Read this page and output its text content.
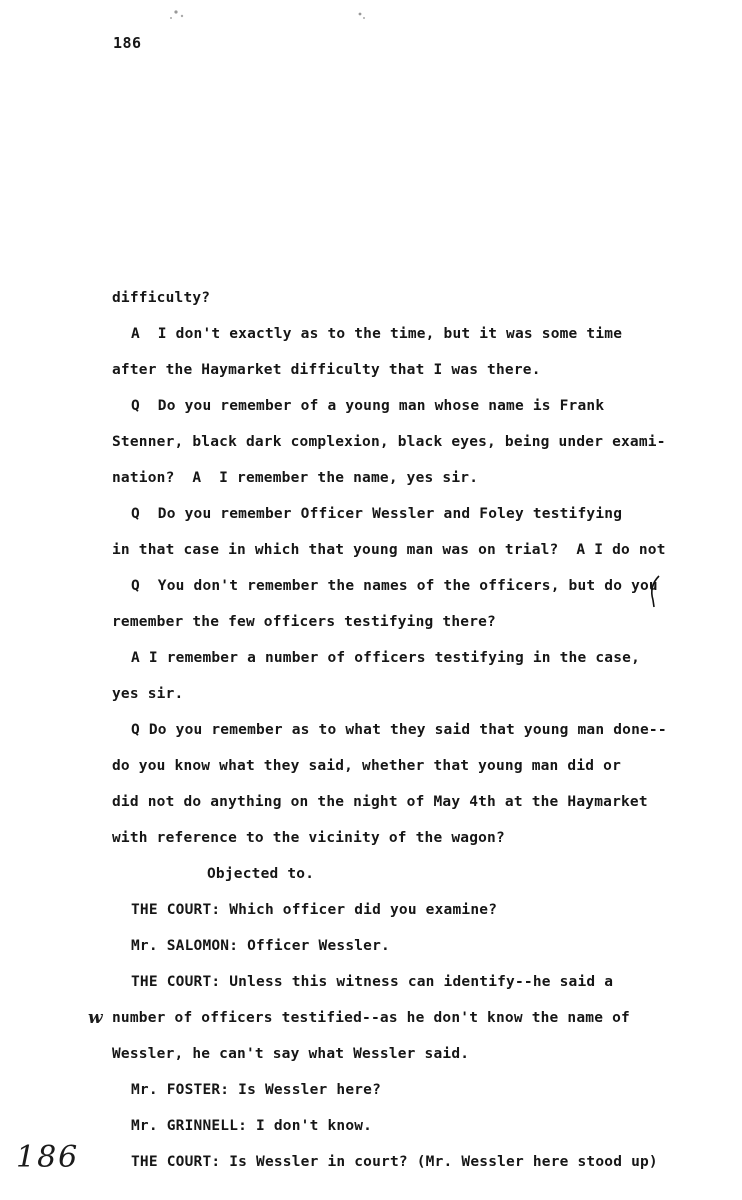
186
difficulty?
A  I don't exactly as to the time, but it was some time
after the Haymarket difficulty that I was there.
Q  Do you remember of a young man whose name is Frank
Stenner, black dark complexion, black eyes, being under exami-
nation?  A  I remember the name, yes sir.
Q  Do you remember Officer Wessler and Foley testifying
in that case in which that young man was on trial?  A I do not
Q  You don't remember the names of the officers, but do you
remember the few officers testifying there?
A I remember a number of officers testifying in the case,
yes sir.
Q Do you remember as to what they said that young man done--
do you know what they said, whether that young man did or
did not do anything on the night of May 4th at the Haymarket
with reference to the vicinity of the wagon?
Objected to.
THE COURT: Which officer did you examine?
Mr. SALOMON: Officer Wessler.
THE COURT: Unless this witness can identify--he said a
number of officers testified--as he don't know the name of
Wessler, he can't say what Wessler said.
Mr. FOSTER: Is Wessler here?
Mr. GRINNELL: I don't know.
THE COURT: Is Wessler in court? (Mr. Wessler here stood up)
w
186
